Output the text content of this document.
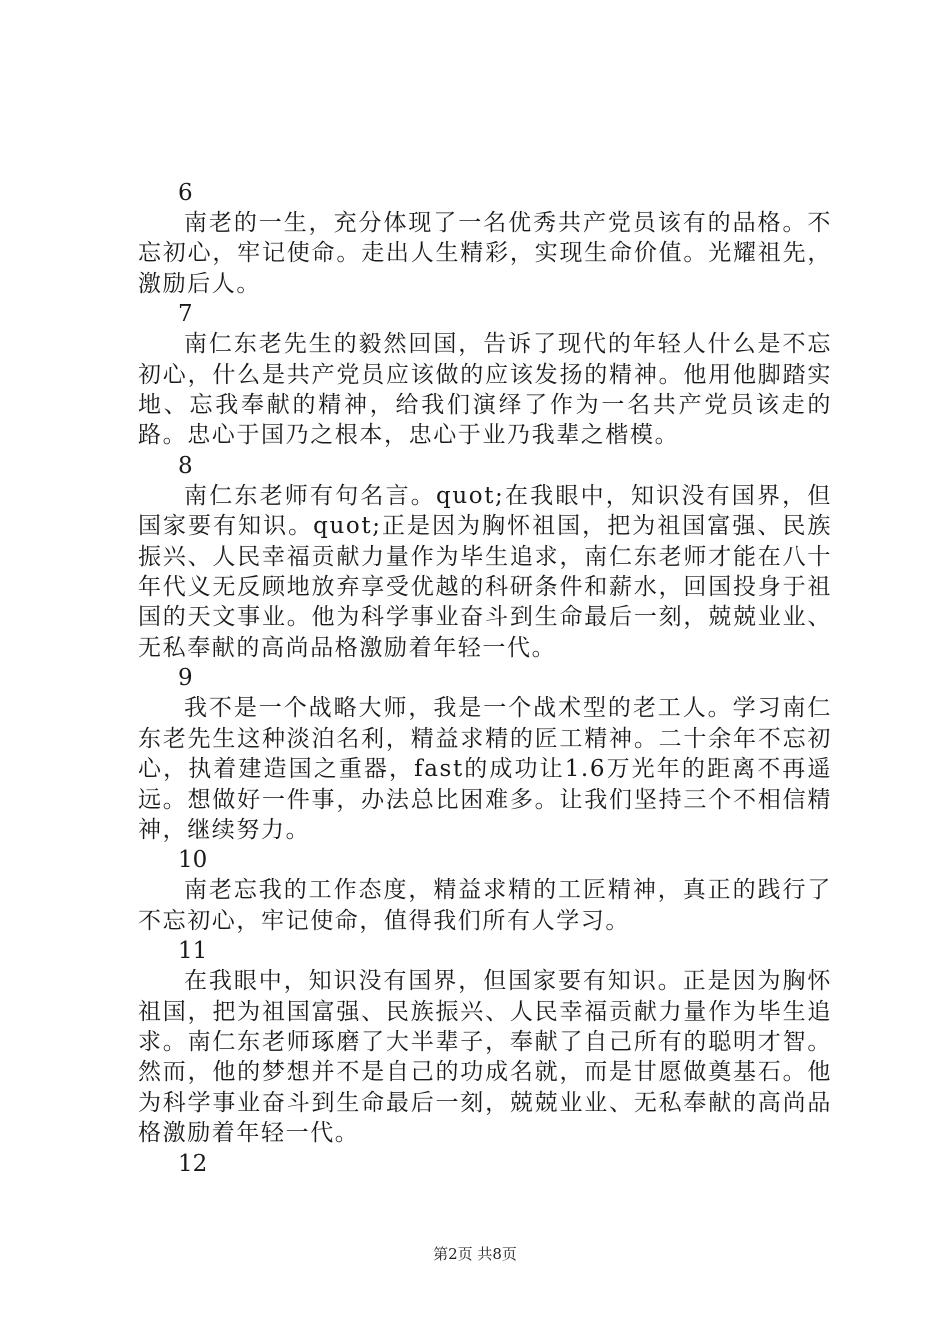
6

南老的一生，充分体现了一名优秀共产党员该有的品格。不忘初心，牢记使命。走出人生精彩，实现生命价值。光耀祖先，激励后人。

7

南仁东老先生的毅然回国，告诉了现代的年轻人什么是不忘初心，什么是共产党员应该做的应该发扬的精神。他用他脚踏实地、忘我奉献的精神，给我们演绎了作为一名共产党员该走的路。忠心于国乃之根本，忠心于业乃我辈之楷模。

8

南仁东老师有句名言。quot;在我眼中，知识没有国界，但国家要有知识。quot;正是因为胸怀祖国，把为祖国富强、民族振兴、人民幸福贡献力量作为毕生追求，南仁东老师才能在八十年代义无反顾地放弃享受优越的科研条件和薪水，回国投身于祖国的天文事业。他为科学事业奋斗到生命最后一刻，兢兢业业、无私奉献的高尚品格激励着年轻一代。

9

我不是一个战略大师，我是一个战术型的老工人。学习南仁东老先生这种淡泊名利，精益求精的匠工精神。二十余年不忘初心，执着建造国之重器，fast的成功让1.6万光年的距离不再遥远。想做好一件事，办法总比困难多。让我们坚持三个不相信精神，继续努力。

10

南老忘我的工作态度，精益求精的工匠精神，真正的践行了不忘初心，牢记使命，值得我们所有人学习。

11

在我眼中，知识没有国界，但国家要有知识。正是因为胸怀祖国，把为祖国富强、民族振兴、人民幸福贡献力量作为毕生追求。南仁东老师琢磨了大半辈子，奉献了自己所有的聪明才智。然而，他的梦想并不是自己的功成名就，而是甘愿做奠基石。他为科学事业奋斗到生命最后一刻，兢兢业业、无私奉献的高尚品格激励着年轻一代。

12
第2页 共8页
